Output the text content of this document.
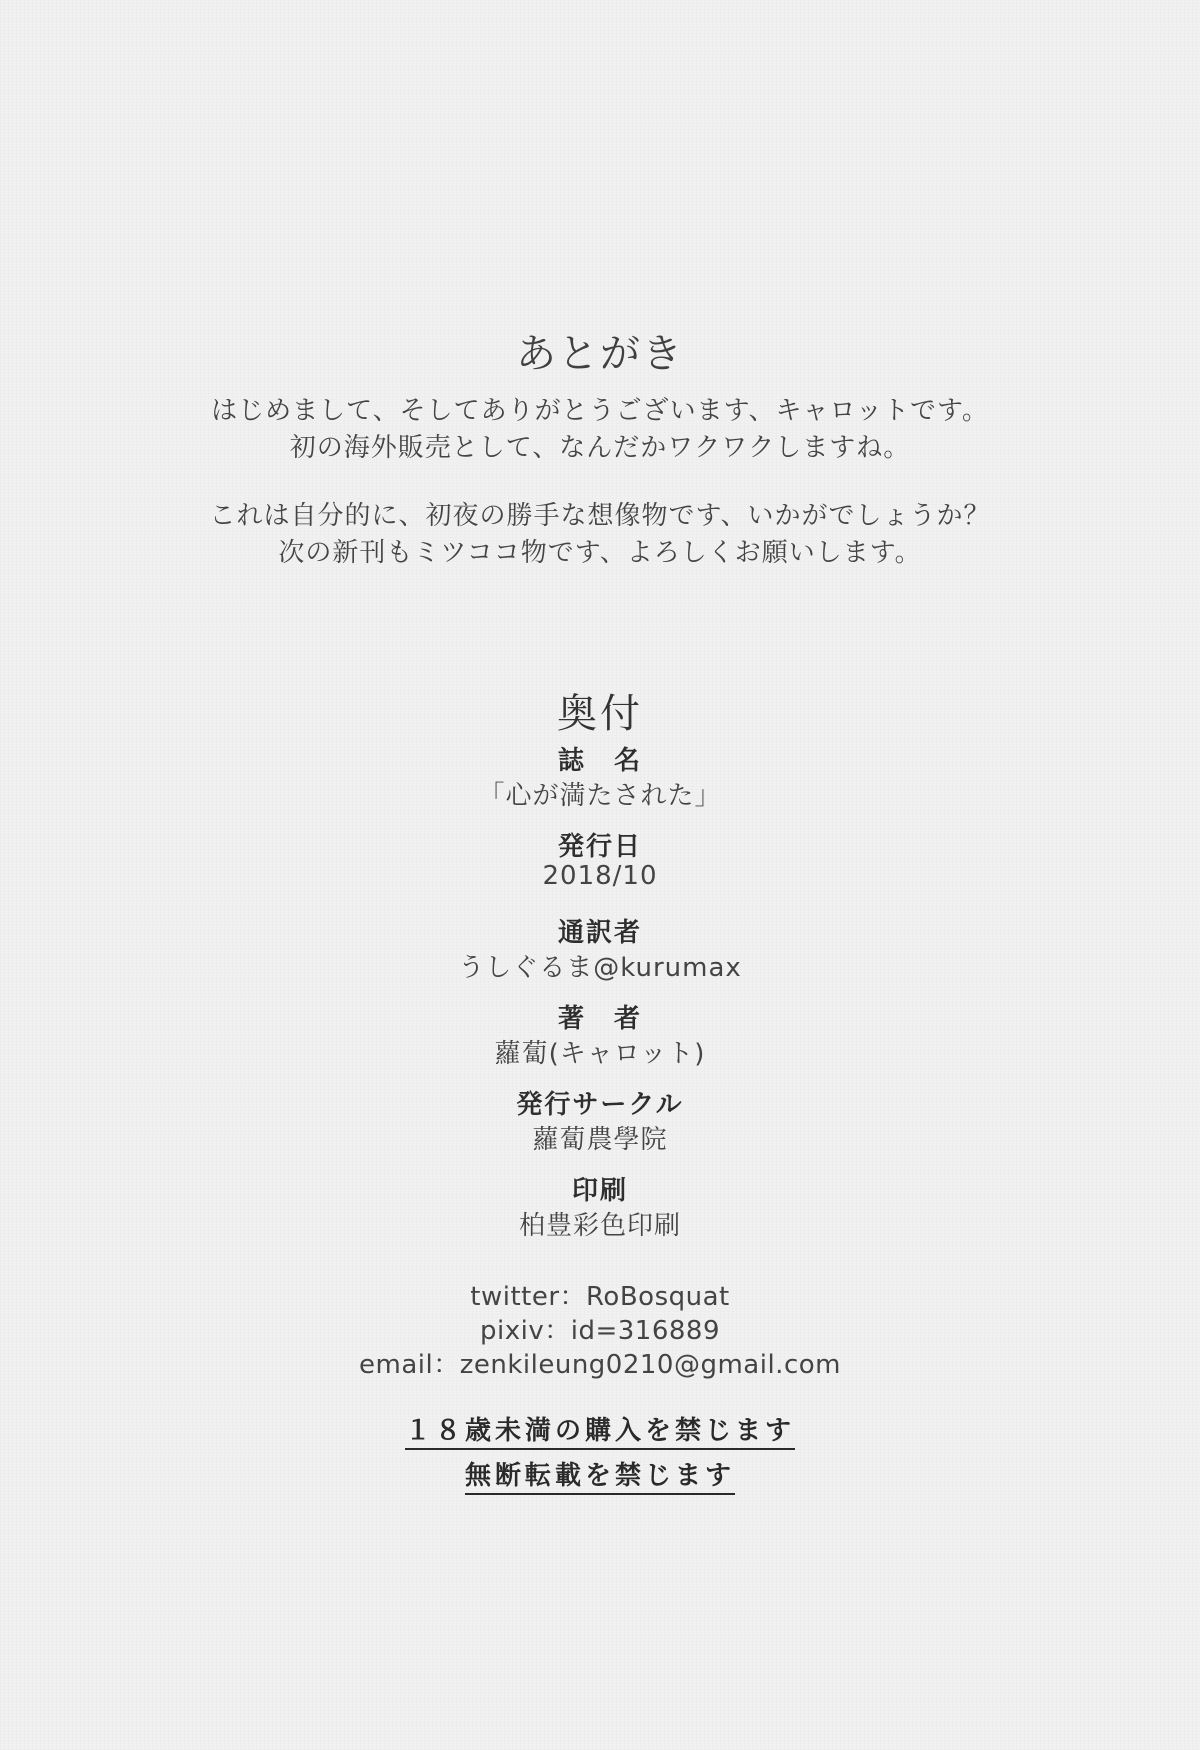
あとがき
はじめまして、そしてありがとうございます、キャロットです。
初の海外販売として、なんだかワクワクしますね。
これは自分的に、初夜の勝手な想像物です、いかがでしょうか？
次の新刊もミツココ物です、よろしくお願いします。
奥付
誌　名
「心が満たされた」
発行日
2018/10
通訳者
うしぐるま@kurumax
著　者
蘿蔔(キャロット)
発行サークル
蘿蔔農學院
印刷
柏豊彩色印刷
twitter：RoBosquat
pixiv：id=316889
email：zenkileung0210@gmail.com
１８歳未満の購入を禁じます
無断転載を禁じます
